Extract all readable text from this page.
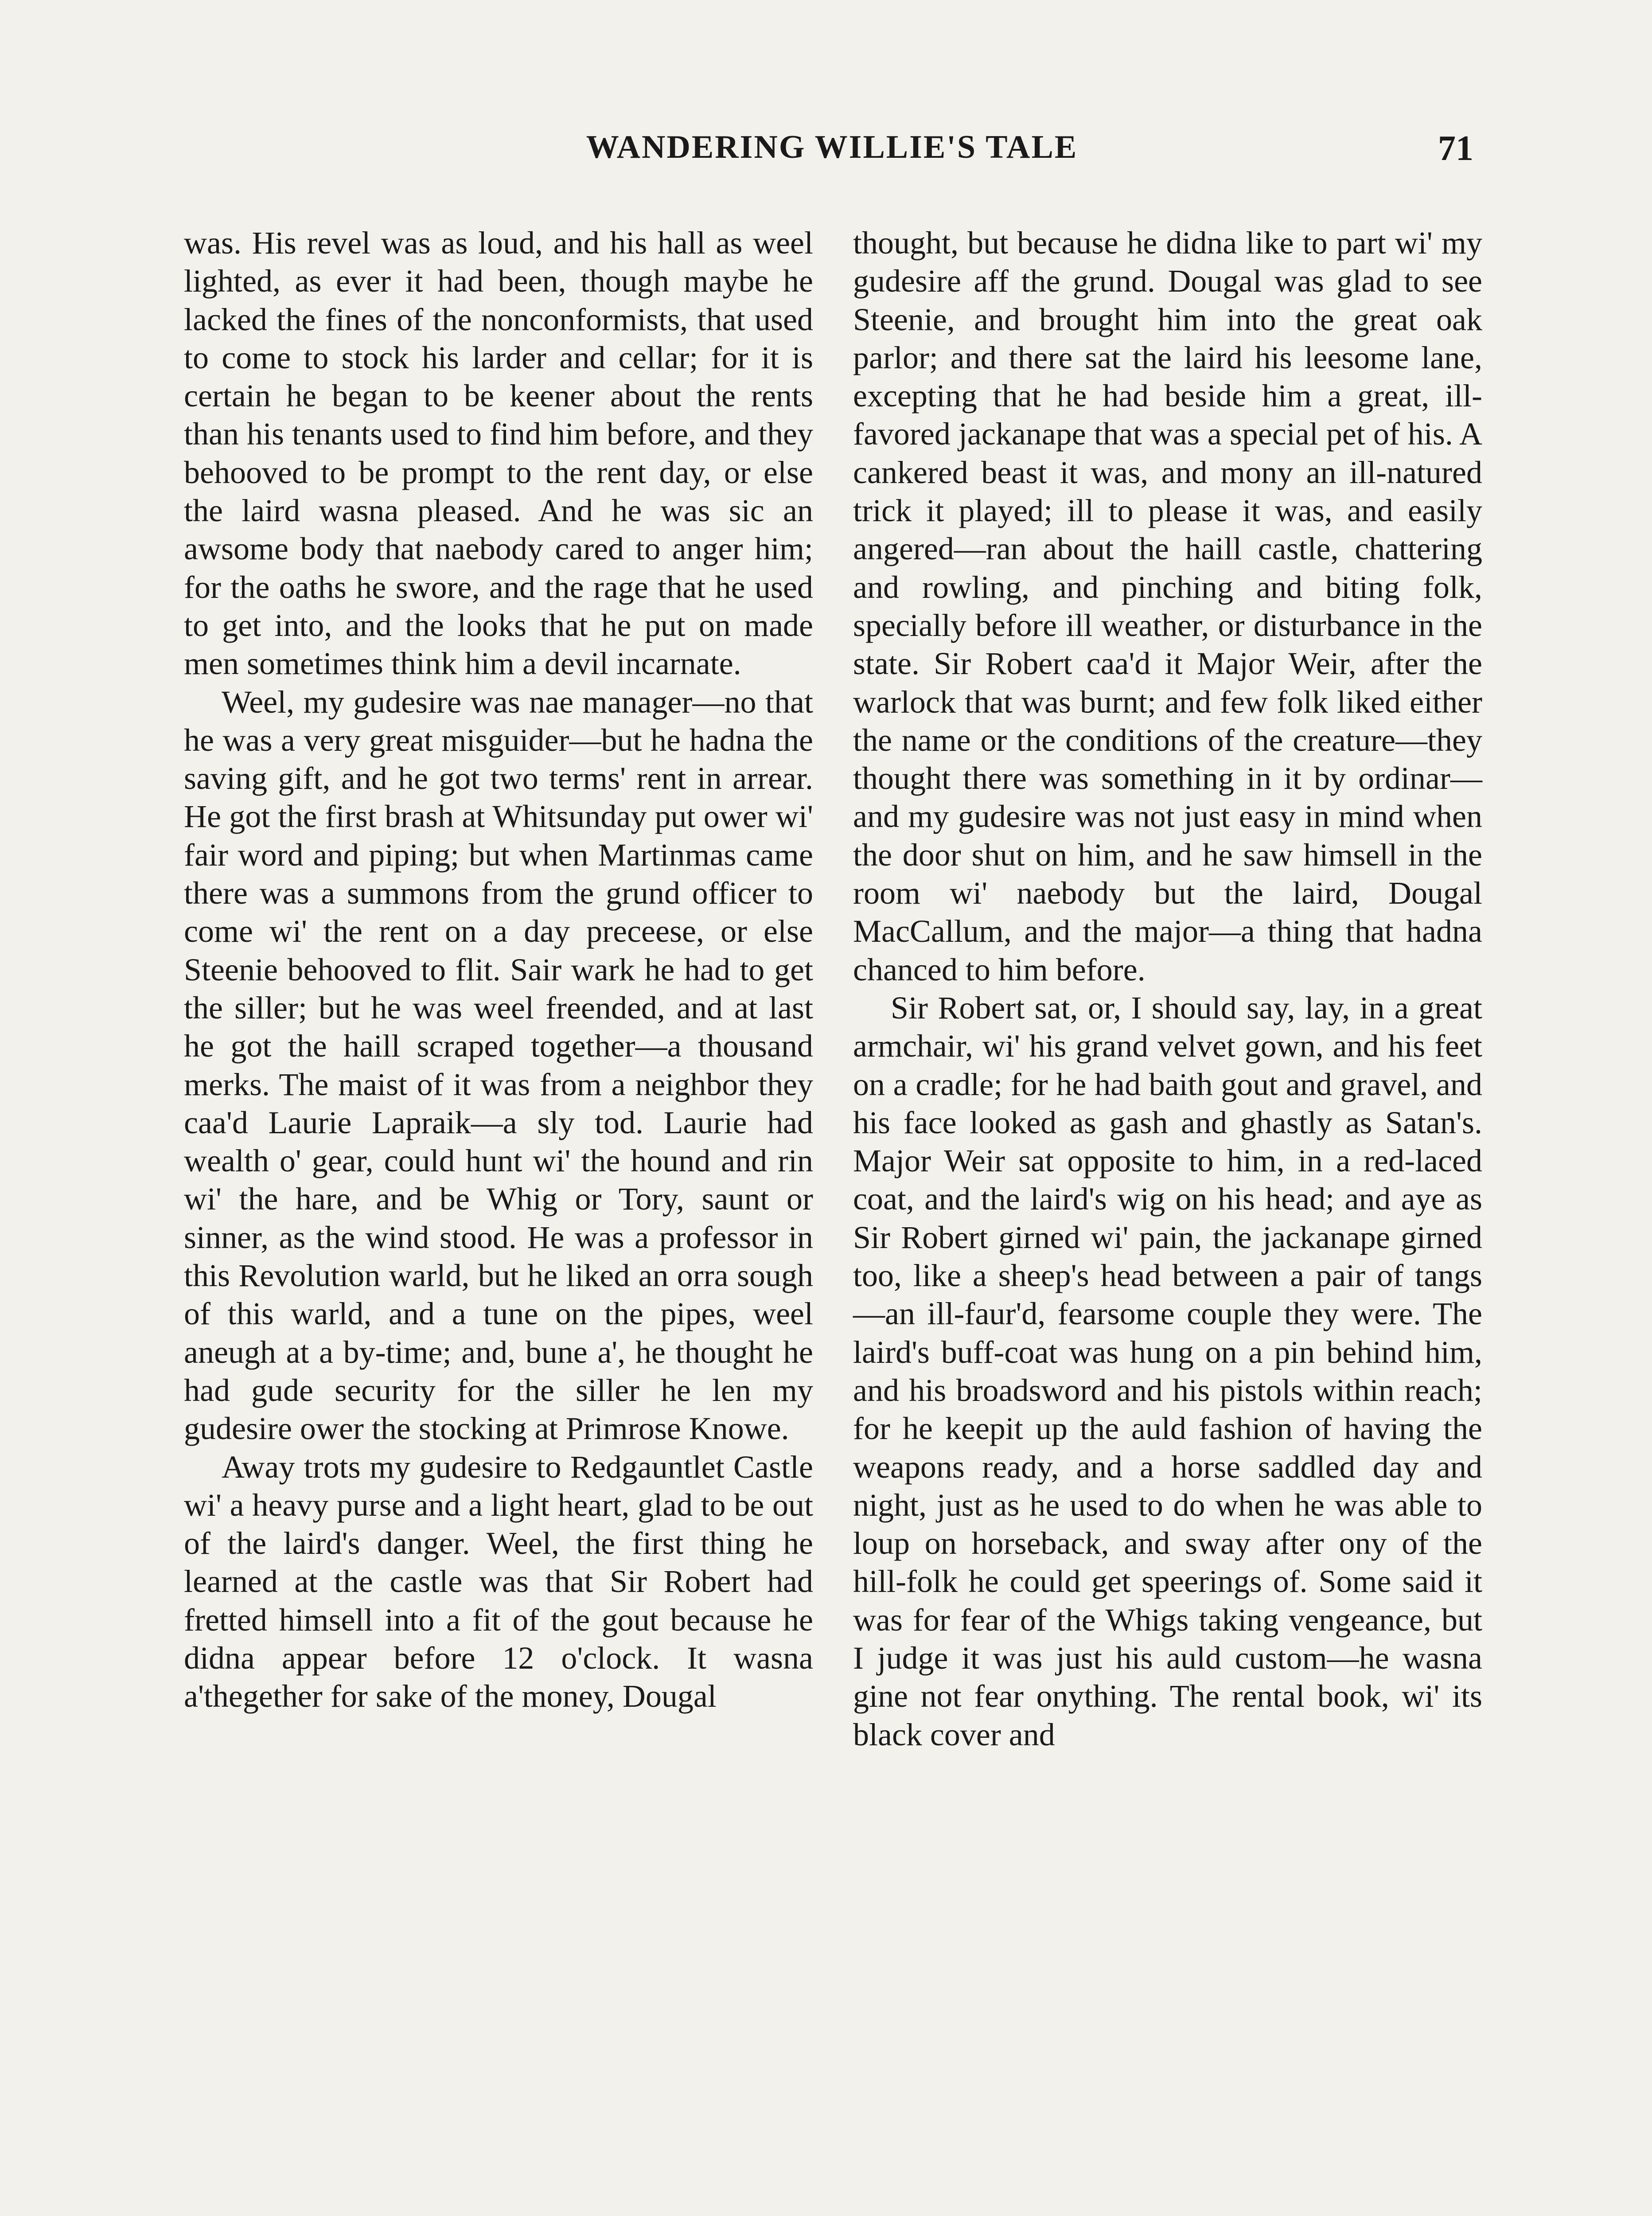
WANDERING WILLIE'S TALE	71

was. His revel was as loud, and his hall as weel lighted, as ever it had been, though maybe he lacked the fines of the nonconformists, that used to come to stock his larder and cellar; for it is certain he began to be keener about the rents than his tenants used to find him before, and they behooved to be prompt to the rent day, or else the laird wasna pleased. And he was sic an awsome body that naebody cared to anger him; for the oaths he swore, and the rage that he used to get into, and the looks that he put on made men sometimes think him a devil incarnate.

Weel, my gudesire was nae manager—no that he was a very great misguider—but he hadna the saving gift, and he got two terms' rent in arrear. He got the first brash at Whitsunday put ower wi' fair word and piping; but when Martinmas came there was a summons from the grund officer to come wi' the rent on a day preceese, or else Steenie behooved to flit. Sair wark he had to get the siller; but he was weel freended, and at last he got the haill scraped together—a thousand merks. The maist of it was from a neighbor they caa'd Laurie Lapraik—a sly tod. Laurie had wealth o' gear, could hunt wi' the hound and rin wi' the hare, and be Whig or Tory, saunt or sinner, as the wind stood. He was a professor in this Revolution warld, but he liked an orra sough of this warld, and a tune on the pipes, weel aneugh at a by-time; and, bune a', he thought he had gude security for the siller he len my gudesire ower the stocking at Primrose Knowe.

Away trots my gudesire to Redgauntlet Castle wi' a heavy purse and a light heart, glad to be out of the laird's danger. Weel, the first thing he learned at the castle was that Sir Robert had fretted himsell into a fit of the gout because he didna appear before 12 o'clock. It wasna a'thegether for sake of the money, Dougal

thought, but because he didna like to part wi' my gudesire aff the grund. Dougal was glad to see Steenie, and brought him into the great oak parlor; and there sat the laird his leesome lane, excepting that he had beside him a great, ill-favored jackanape that was a special pet of his. A cankered beast it was, and mony an ill-natured trick it played; ill to please it was, and easily angered—ran about the haill castle, chattering and rowling, and pinching and biting folk, specially before ill weather, or disturbance in the state. Sir Robert caa'd it Major Weir, after the warlock that was burnt; and few folk liked either the name or the conditions of the creature—they thought there was something in it by ordinar—and my gudesire was not just easy in mind when the door shut on him, and he saw himsell in the room wi' naebody but the laird, Dougal MacCallum, and the major—a thing that hadna chanced to him before.

Sir Robert sat, or, I should say, lay, in a great armchair, wi' his grand velvet gown, and his feet on a cradle; for he had baith gout and gravel, and his face looked as gash and ghastly as Satan's. Major Weir sat opposite to him, in a red-laced coat, and the laird's wig on his head; and aye as Sir Robert girned wi' pain, the jackanape girned too, like a sheep's head between a pair of tangs—an ill-faur'd, fearsome couple they were. The laird's buff-coat was hung on a pin behind him, and his broadsword and his pistols within reach; for he keepit up the auld fashion of having the weapons ready, and a horse saddled day and night, just as he used to do when he was able to loup on horseback, and sway after ony of the hill-folk he could get speerings of. Some said it was for fear of the Whigs taking vengeance, but I judge it was just his auld custom—he wasna gine not fear onything. The rental book, wi' its black cover and
